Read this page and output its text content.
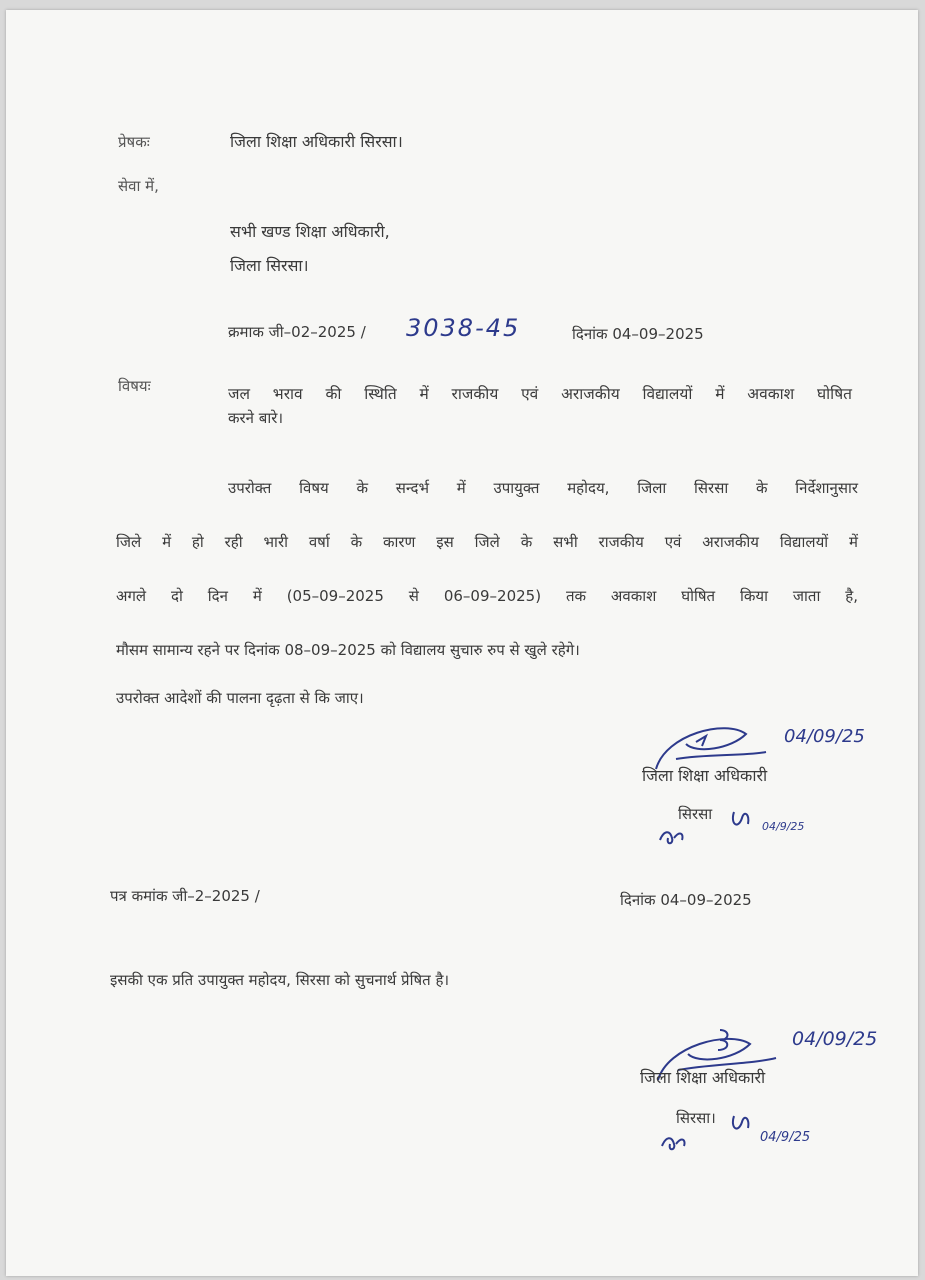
प्रेषकः	जिला शिक्षा अधिकारी सिरसा।
सेवा में,
सभी खण्ड शिक्षा अधिकारी,
जिला सिरसा।
क्रमाक जी–02–2025 / 3038-45	दिनांक 04–09–2025
विषयः	जल भराव की स्थिति में राजकीय एवं अराजकीय विद्यालयों में अवकाश घोषित
करने बारे।
उपरोक्त विषय के सन्दर्भ में उपायुक्त महोदय, जिला सिरसा के निर्देशानुसार
जिले में हो रही भारी वर्षा के कारण इस जिले के सभी राजकीय एवं अराजकीय विद्यालयों में
अगले दो दिन में (05–09–2025 से 06–09–2025) तक अवकाश घोषित किया जाता है,
मौसम सामान्य रहने पर दिनांक 08–09–2025 को विद्यालय सुचारु रुप से खुले रहेगे।
उपरोक्त आदेशों की पालना दृढ़ता से कि जाए।
04/09/25
जिला शिक्षा अधिकारी
सिरसा
04/9/25
पत्र कमांक जी–2–2025 /	दिनांक 04–09–2025
इसकी एक प्रति उपायुक्त महोदय, सिरसा को सुचनार्थ प्रेषित है।
04/09/25
जिला शिक्षा अधिकारी
सिरसा।
04/9/25
